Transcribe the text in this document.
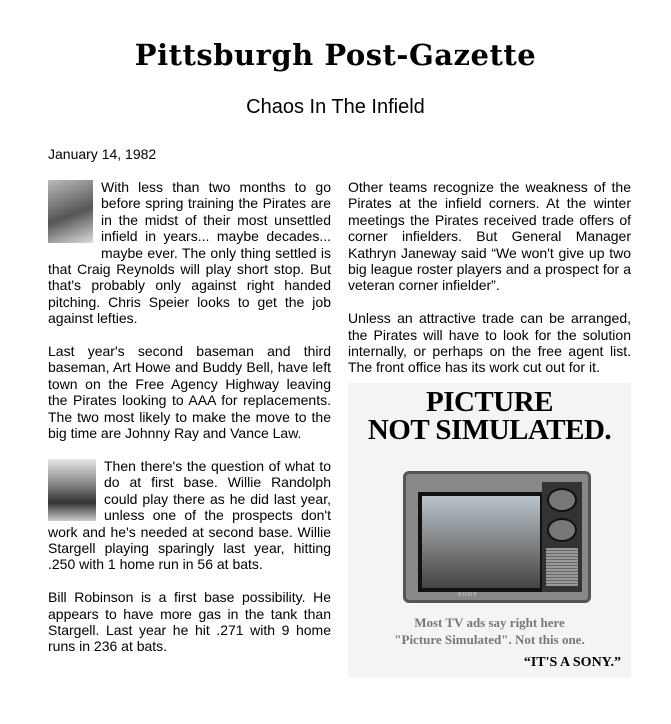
Pittsburgh Post-Gazette
Chaos In The Infield
January 14, 1982

With less than two months to go before spring training the Pirates are in the midst of their most unsettled infield in years... maybe decades... maybe ever. The only thing settled is that Craig Reynolds will play short stop. But that's probably only against right handed pitching. Chris Speier looks to get the job against lefties.

Last year's second baseman and third baseman, Art Howe and Buddy Bell, have left town on the Free Agency Highway leaving the Pirates looking to AAA for replacements. The two most likely to make the move to the big time are Johnny Ray and Vance Law.

Then there's the question of what to do at first base. Willie Randolph could play there as he did last year, unless one of the prospects don't work and he's needed at second base. Willie Stargell playing sparingly last year, hitting .250 with 1 home run in 56 at bats.

Bill Robinson is a first base possibility. He appears to have more gas in the tank than Stargell. Last year he hit .271 with 9 home runs in 236 at bats.

Other teams recognize the weakness of the Pirates at the infield corners. At the winter meetings the Pirates received trade offers of corner infielders. But General Manager Kathryn Janeway said “We won't give up two big league roster players and a prospect for a veteran corner infielder”.

Unless an attractive trade can be arranged, the Pirates will have to look for the solution internally, or perhaps on the free agent list. The front office has its work cut out for it.

PICTURE
NOT SIMULATED.
SONY
Most TV ads say right here
"Picture Simulated". Not this one.
“IT'S A SONY.”
